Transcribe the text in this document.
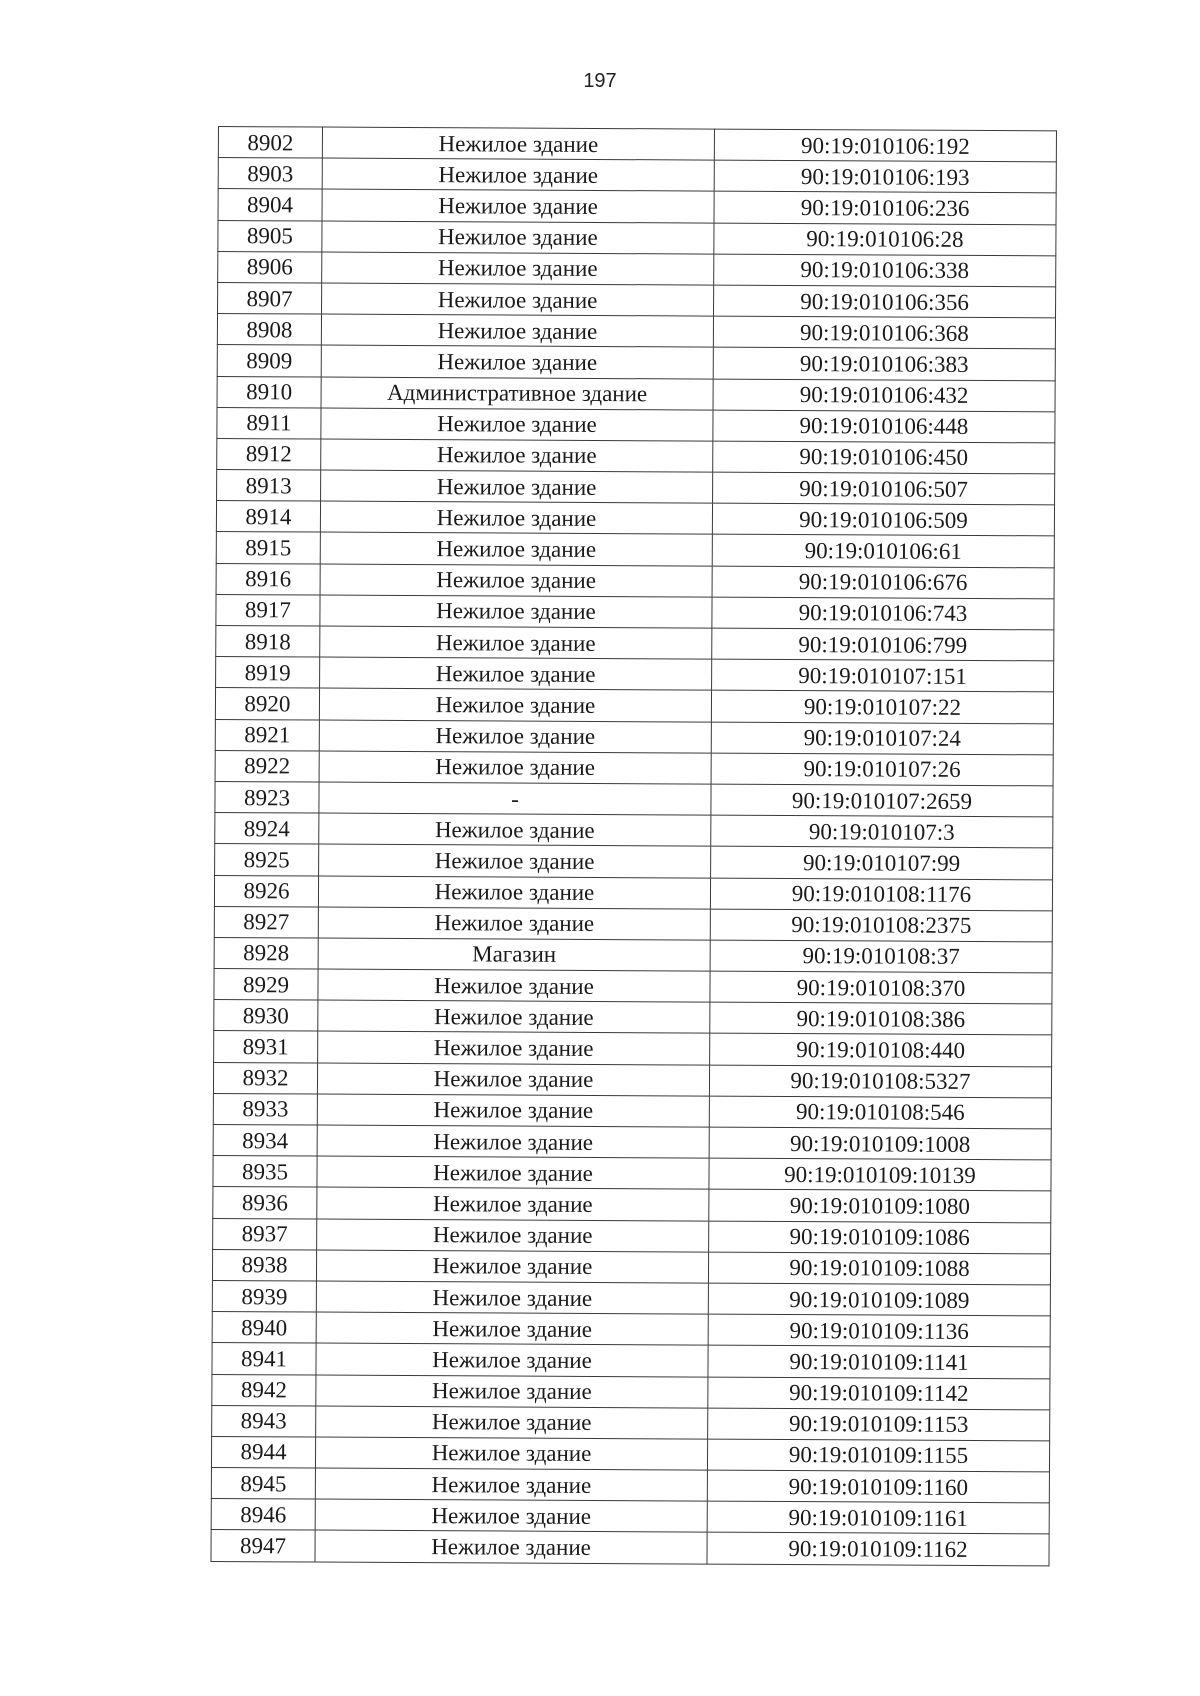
197
8902	Нежилое здание	90:19:010106:192
8903	Нежилое здание	90:19:010106:193
8904	Нежилое здание	90:19:010106:236
8905	Нежилое здание	90:19:010106:28
8906	Нежилое здание	90:19:010106:338
8907	Нежилое здание	90:19:010106:356
8908	Нежилое здание	90:19:010106:368
8909	Нежилое здание	90:19:010106:383
8910	Административное здание	90:19:010106:432
8911	Нежилое здание	90:19:010106:448
8912	Нежилое здание	90:19:010106:450
8913	Нежилое здание	90:19:010106:507
8914	Нежилое здание	90:19:010106:509
8915	Нежилое здание	90:19:010106:61
8916	Нежилое здание	90:19:010106:676
8917	Нежилое здание	90:19:010106:743
8918	Нежилое здание	90:19:010106:799
8919	Нежилое здание	90:19:010107:151
8920	Нежилое здание	90:19:010107:22
8921	Нежилое здание	90:19:010107:24
8922	Нежилое здание	90:19:010107:26
8923	-	90:19:010107:2659
8924	Нежилое здание	90:19:010107:3
8925	Нежилое здание	90:19:010107:99
8926	Нежилое здание	90:19:010108:1176
8927	Нежилое здание	90:19:010108:2375
8928	Магазин	90:19:010108:37
8929	Нежилое здание	90:19:010108:370
8930	Нежилое здание	90:19:010108:386
8931	Нежилое здание	90:19:010108:440
8932	Нежилое здание	90:19:010108:5327
8933	Нежилое здание	90:19:010108:546
8934	Нежилое здание	90:19:010109:1008
8935	Нежилое здание	90:19:010109:10139
8936	Нежилое здание	90:19:010109:1080
8937	Нежилое здание	90:19:010109:1086
8938	Нежилое здание	90:19:010109:1088
8939	Нежилое здание	90:19:010109:1089
8940	Нежилое здание	90:19:010109:1136
8941	Нежилое здание	90:19:010109:1141
8942	Нежилое здание	90:19:010109:1142
8943	Нежилое здание	90:19:010109:1153
8944	Нежилое здание	90:19:010109:1155
8945	Нежилое здание	90:19:010109:1160
8946	Нежилое здание	90:19:010109:1161
8947	Нежилое здание	90:19:010109:1162
